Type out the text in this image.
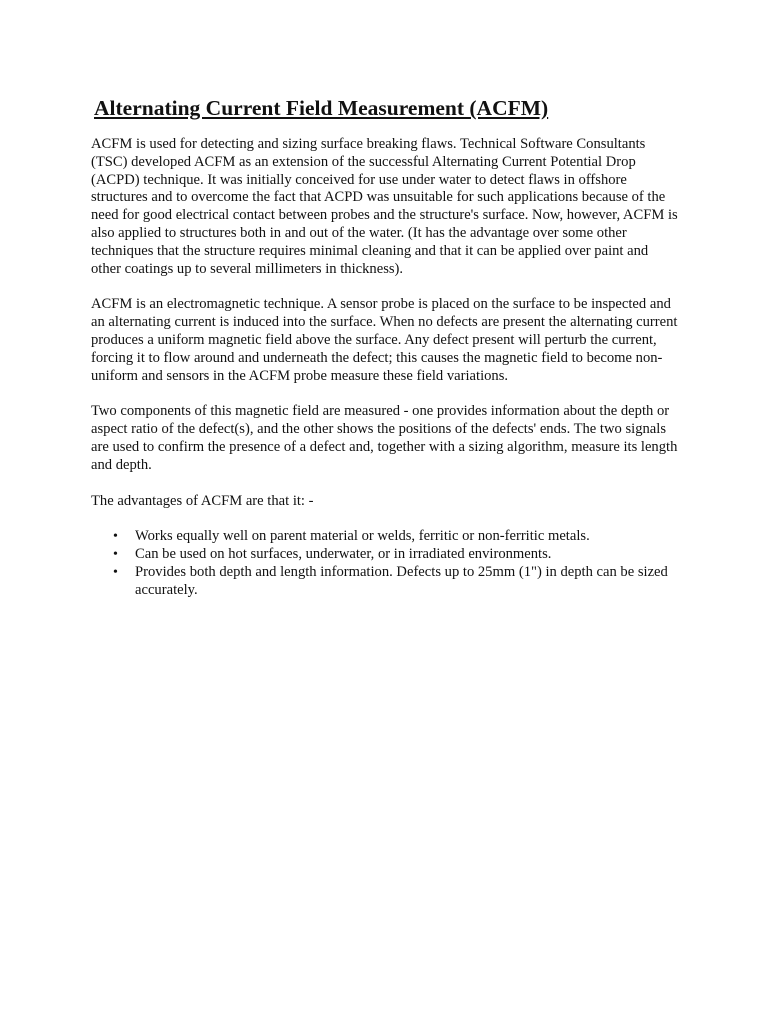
Alternating Current Field Measurement (ACFM)

ACFM is used for detecting and sizing surface breaking flaws. Technical Software Consultants (TSC) developed ACFM as an extension of the successful Alternating Current Potential Drop (ACPD) technique. It was initially conceived for use under water to detect flaws in offshore structures and to overcome the fact that ACPD was unsuitable for such applications because of the need for good electrical contact between probes and the structure's surface. Now, however, ACFM is also applied to structures both in and out of the water. (It has the advantage over some other techniques that the structure requires minimal cleaning and that it can be applied over paint and other coatings up to several millimeters in thickness).

ACFM is an electromagnetic technique. A sensor probe is placed on the surface to be inspected and an alternating current is induced into the surface. When no defects are present the alternating current produces a uniform magnetic field above the surface. Any defect present will perturb the current, forcing it to flow around and underneath the defect; this causes the magnetic field to become non-uniform and sensors in the ACFM probe measure these field variations.

Two components of this magnetic field are measured - one provides information about the depth or aspect ratio of the defect(s), and the other shows the positions of the defects' ends. The two signals are used to confirm the presence of a defect and, together with a sizing algorithm, measure its length and depth.

The advantages of ACFM are that it: -

• Works equally well on parent material or welds, ferritic or non-ferritic metals.
• Can be used on hot surfaces, underwater, or in irradiated environments.
• Provides both depth and length information. Defects up to 25mm (1") in depth can be sized accurately.
